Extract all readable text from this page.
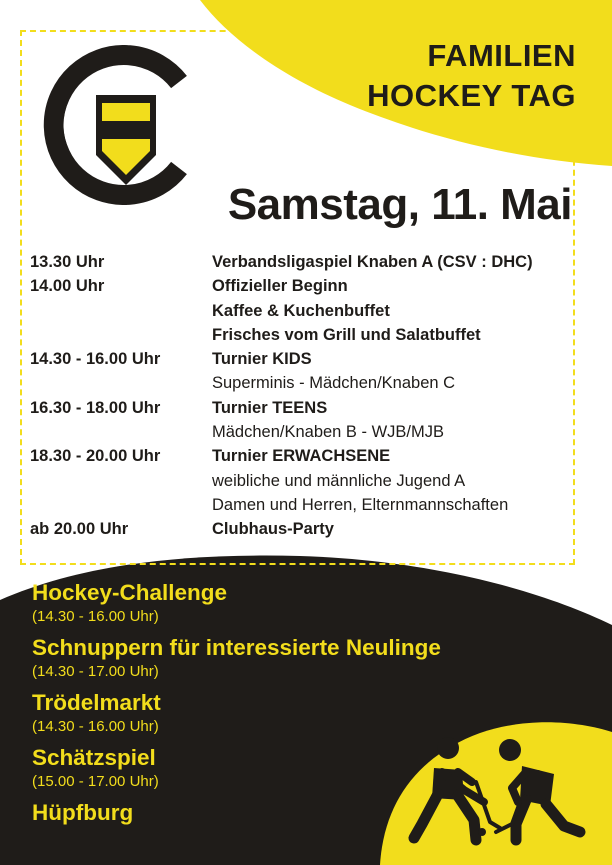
FAMILIEN
HOCKEY TAG
Samstag, 11. Mai
13.30 Uhr	Verbandsligaspiel Knaben A (CSV : DHC)
14.00 Uhr	Offizieller Beginn
Kaffee & Kuchenbuffet
Frisches vom Grill und Salatbuffet
14.30 - 16.00 Uhr	Turnier KIDS
Superminis - Mädchen/Knaben C
16.30 - 18.00 Uhr	Turnier TEENS
Mädchen/Knaben B - WJB/MJB
18.30 - 20.00 Uhr	Turnier ERWACHSENE
weibliche und männliche Jugend A
Damen und Herren, Elternmannschaften
ab 20.00 Uhr	Clubhaus-Party
Hockey-Challenge
(14.30 - 16.00 Uhr)
Schnuppern für interessierte Neulinge
(14.30 - 17.00 Uhr)
Trödelmarkt
(14.30 - 16.00 Uhr)
Schätzspiel
(15.00 - 17.00 Uhr)
Hüpfburg
